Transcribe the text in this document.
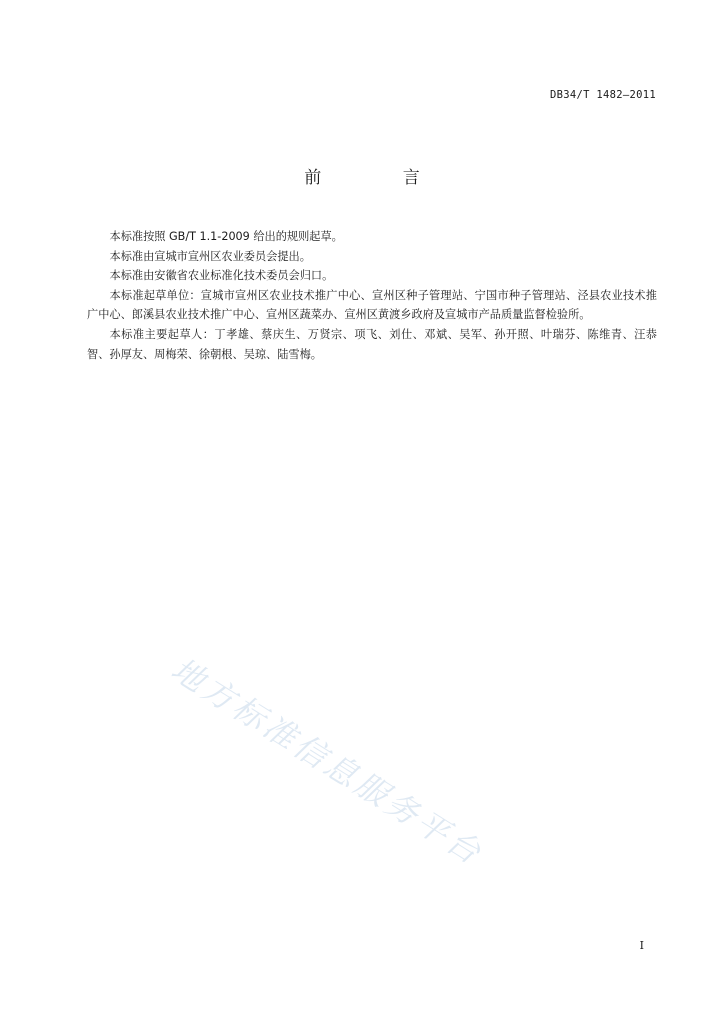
DB34/T 1482—2011
前 言

本标准按照 GB/T 1.1-2009 给出的规则起草。

本标准由宣城市宣州区农业委员会提出。

本标准由安徽省农业标准化技术委员会归口。

本标准起草单位：宣城市宣州区农业技术推广中心、宣州区种子管理站、宁国市种子管理站、泾县农业技术推广中心、郎溪县农业技术推广中心、宣州区蔬菜办、宣州区黄渡乡政府及宣城市产品质量监督检验所。

本标准主要起草人：丁孝雄、蔡庆生、万贤宗、项飞、刘仕、邓斌、吴军、孙开照、叶瑞芬、陈维青、汪恭智、孙厚友、周梅荣、徐朝根、吴琼、陆雪梅。

地方标准信息服务平台
I
